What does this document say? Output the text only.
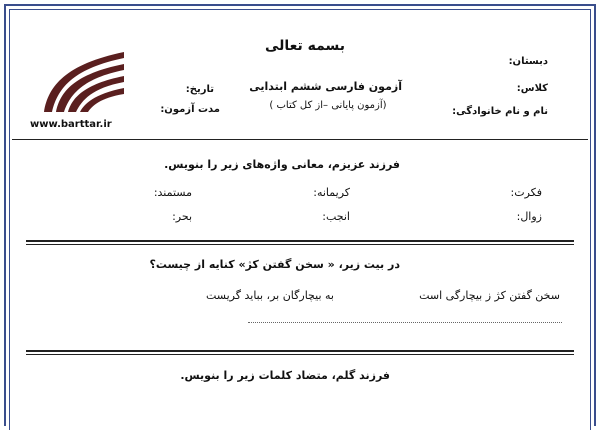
بسمه تعالی
دبستان:
کلاس:
نام و نام خانوادگی:
آزمون فارسی ششم ابتدایی
(آزمون پایانی –از کل کتاب )
تاریخ:
مدت آزمون:
www.barttar.ir
فرزند عزیزم، معانی واژه‌های زیر را بنویس.
فکرت:
کریمانه:
مستمند:
زوال:
انجب:
بحر:
در بیت زیر، « سخن گفتن کژ» کنایه از چیست؟
سخن گفتن کژ ز بیچارگی است
به بیچارگان بر، بباید گریست
فرزند گلم، متضاد کلمات زیر را بنویس.
